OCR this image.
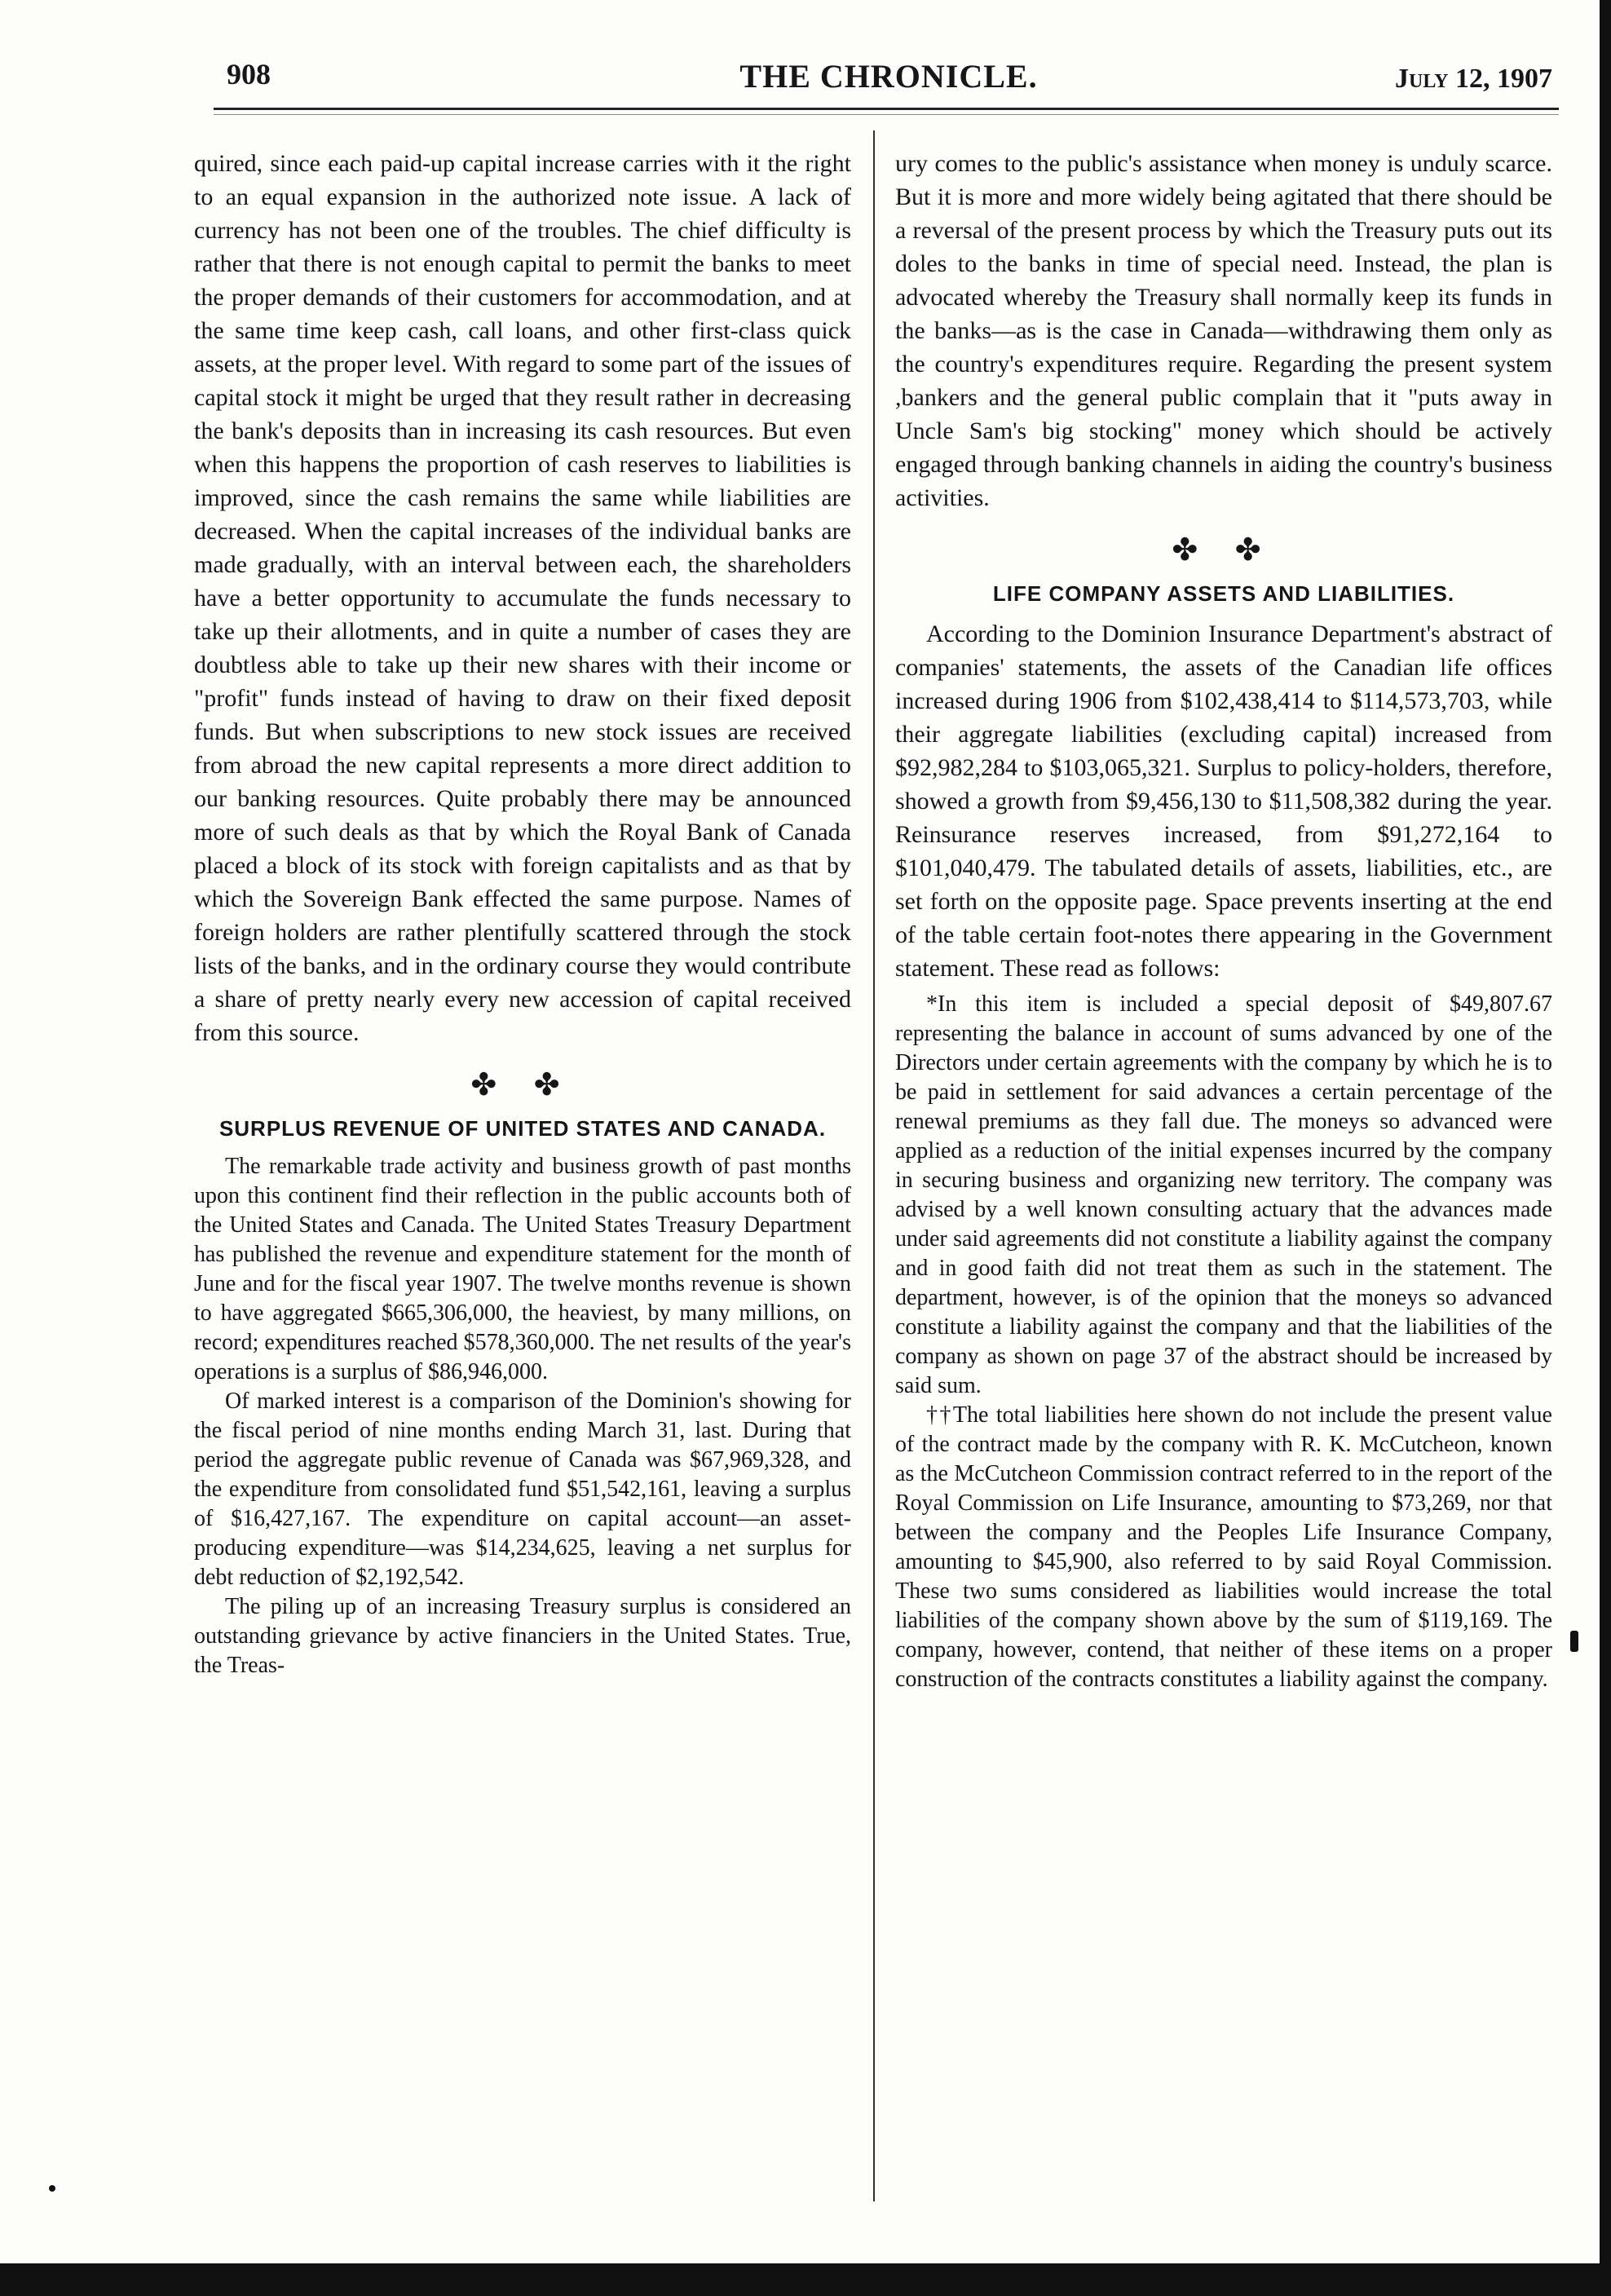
908	THE CHRONICLE.	July 12, 1907

quired, since each paid-up capital increase carries with it the right to an equal expansion in the authorized note issue. A lack of currency has not been one of the troubles. The chief difficulty is rather that there is not enough capital to permit the banks to meet the proper demands of their customers for accommodation, and at the same time keep cash, call loans, and other first-class quick assets, at the proper level. With regard to some part of the issues of capital stock it might be urged that they result rather in decreasing the bank's deposits than in increasing its cash resources. But even when this happens the proportion of cash reserves to liabilities is improved, since the cash remains the same while liabilities are decreased. When the capital increases of the individual banks are made gradually, with an interval between each, the shareholders have a better opportunity to accumulate the funds necessary to take up their allotments, and in quite a number of cases they are doubtless able to take up their new shares with their income or "profit" funds instead of having to draw on their fixed deposit funds. But when subscriptions to new stock issues are received from abroad the new capital represents a more direct addition to our banking resources. Quite probably there may be announced more of such deals as that by which the Royal Bank of Canada placed a block of its stock with foreign capitalists and as that by which the Sovereign Bank effected the same purpose. Names of foreign holders are rather plentifully scattered through the stock lists of the banks, and in the ordinary course they would contribute a share of pretty nearly every new accession of capital received from this source.

✤ ✤
SURPLUS REVENUE OF UNITED STATES AND CANADA.

The remarkable trade activity and business growth of past months upon this continent find their reflection in the public accounts both of the United States and Canada. The United States Treasury Department has published the revenue and expenditure statement for the month of June and for the fiscal year 1907. The twelve months revenue is shown to have aggregated $665,306,000, the heaviest, by many millions, on record; expenditures reached $578,360,000. The net results of the year's operations is a surplus of $86,946,000.

Of marked interest is a comparison of the Dominion's showing for the fiscal period of nine months ending March 31, last. During that period the aggregate public revenue of Canada was $67,969,328, and the expenditure from consolidated fund $51,542,161, leaving a surplus of $16,427,167. The expenditure on capital account—an asset-producing expenditure—was $14,234,625, leaving a net surplus for debt reduction of $2,192,542.

The piling up of an increasing Treasury surplus is considered an outstanding grievance by active financiers in the United States. True, the Treas-

ury comes to the public's assistance when money is unduly scarce. But it is more and more widely being agitated that there should be a reversal of the present process by which the Treasury puts out its doles to the banks in time of special need. Instead, the plan is advocated whereby the Treasury shall normally keep its funds in the banks—as is the case in Canada—withdrawing them only as the country's expenditures require. Regarding the present system ,bankers and the general public complain that it "puts away in Uncle Sam's big stocking" money which should be actively engaged through banking channels in aiding the country's business activities.

✤ ✤
LIFE COMPANY ASSETS AND LIABILITIES.

According to the Dominion Insurance Department's abstract of companies' statements, the assets of the Canadian life offices increased during 1906 from $102,438,414 to $114,573,703, while their aggregate liabilities (excluding capital) increased from $92,982,284 to $103,065,321. Surplus to policy-holders, therefore, showed a growth from $9,456,130 to $11,508,382 during the year. Reinsurance reserves increased, from $91,272,164 to $101,040,479. The tabulated details of assets, liabilities, etc., are set forth on the opposite page. Space prevents inserting at the end of the table certain foot-notes there appearing in the Government statement. These read as follows:

*In this item is included a special deposit of $49,807.67 representing the balance in account of sums advanced by one of the Directors under certain agreements with the company by which he is to be paid in settlement for said advances a certain percentage of the renewal premiums as they fall due. The moneys so advanced were applied as a reduction of the initial expenses incurred by the company in securing business and organizing new territory. The company was advised by a well known consulting actuary that the advances made under said agreements did not constitute a liability against the company and in good faith did not treat them as such in the statement. The department, however, is of the opinion that the moneys so advanced constitute a liability against the company and that the liabilities of the company as shown on page 37 of the abstract should be increased by said sum.

††The total liabilities here shown do not include the present value of the contract made by the company with R. K. McCutcheon, known as the McCutcheon Commission contract referred to in the report of the Royal Commission on Life Insurance, amounting to $73,269, nor that between the company and the Peoples Life Insurance Company, amounting to $45,900, also referred to by said Royal Commission. These two sums considered as liabilities would increase the total liabilities of the company shown above by the sum of $119,169. The company, however, contend, that neither of these items on a proper construction of the contracts constitutes a liability against the company.
